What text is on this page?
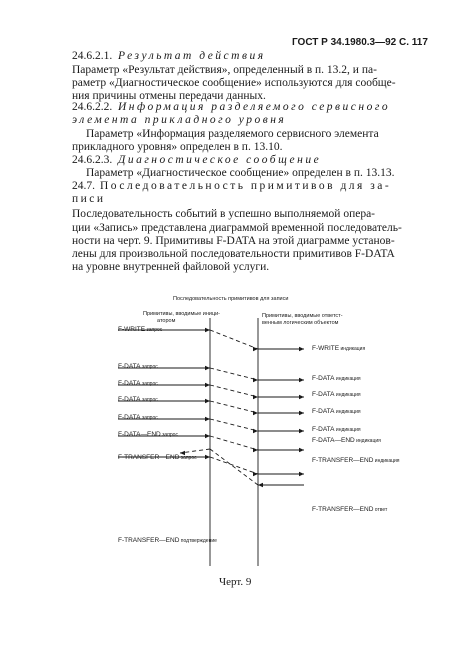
ГОСТ Р 34.1980.3—92 С. 117
24.6.2.1. Результат действия
Параметр «Результат действия», определенный в п. 13.2, и па-
раметр «Диагностическое сообщение» используются для сообще-
ния причины отмены передачи данных.
24.6.2.2. Информация разделяемого сервисного
элемента прикладного уровня
Параметр «Информация разделяемого сервисного элемента
прикладного уровня» определен в п. 13.10.
24.6.2.3. Диагностическое сообщение
Параметр «Диагностическое сообщение» определен в п. 13.13.
24.7. Последовательность примитивов для за-
писи
Последовательность событий в успешно выполняемой опера-
ции «Запись» представлена диаграммой временной последователь-
ности на черт. 9. Примитивы F-DATA на этой диаграмме установ-
лены для произвольной последовательности примитивов F-DATA
на уровне внутренней файловой услуги.
Последовательность примитивов для записи
Примитивы, вводимые иници-
атором
Примитивы, вводимые ответст-
венным логическим объектом
F-WRITE запрос
F-DATA запрос
F-DATA запрос
F-DATA запрос
F-DATA запрос
F-DATA—END запрос
F-TRANSFER—END запрос
F-TRANSFER—END подтверждение
F-WRITE индикация
F-DATA индикация
F-DATA индикация
F-DATA индикация
F-DATA индикация
F-DATA—END индикация
F-TRANSFER—END индикация
F-TRANSFER—END ответ
Черт. 9
